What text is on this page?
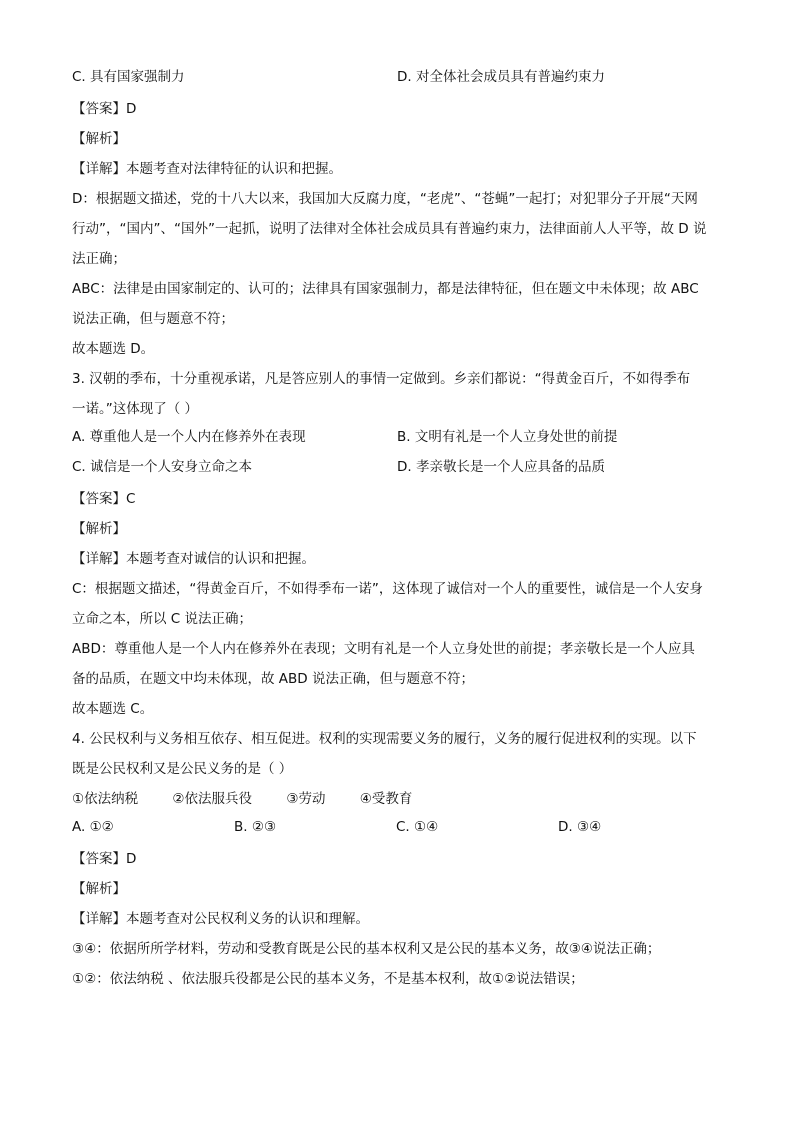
C. 具有国家强制力	D. 对全体社会成员具有普遍约束力
【答案】D
【解析】
【详解】本题考查对法律特征的认识和把握。
D：根据题文描述，党的十八大以来，我国加大反腐力度，“老虎”、“苍蝇”一起打；对犯罪分子开展“天网
行动”，“国内”、“国外”一起抓，说明了法律对全体社会成员具有普遍约束力，法律面前人人平等，故 D 说
法正确；
ABC：法律是由国家制定的、认可的；法律具有国家强制力，都是法律特征，但在题文中未体现；故 ABC
说法正确，但与题意不符；
故本题选 D。
3. 汉朝的季布，十分重视承诺，凡是答应别人的事情一定做到。乡亲们都说：“得黄金百斤，不如得季布
一诺。”这体现了（ ）
A. 尊重他人是一个人内在修养外在表现	B. 文明有礼是一个人立身处世的前提
C. 诚信是一个人安身立命之本	D. 孝亲敬长是一个人应具备的品质
【答案】C
【解析】
【详解】本题考查对诚信的认识和把握。
C：根据题文描述，“得黄金百斤，不如得季布一诺”，这体现了诚信对一个人的重要性，诚信是一个人安身
立命之本，所以 C 说法正确；
ABD：尊重他人是一个人内在修养外在表现；文明有礼是一个人立身处世的前提；孝亲敬长是一个人应具
备的品质，在题文中均未体现，故 ABD 说法正确，但与题意不符；
故本题选 C。
4. 公民权利与义务相互依存、相互促进。权利的实现需要义务的履行，义务的履行促进权利的实现。以下
既是公民权利又是公民义务的是（ ）
①依法纳税        ②依法服兵役        ③劳动        ④受教育
A. ①②	B. ②③	C. ①④	D. ③④
【答案】D
【解析】
【详解】本题考查对公民权利义务的认识和理解。
③④：依据所所学材料，劳动和受教育既是公民的基本权利又是公民的基本义务，故③④说法正确；
①②：依法纳税 、依法服兵役都是公民的基本义务，不是基本权利，故①②说法错误；
